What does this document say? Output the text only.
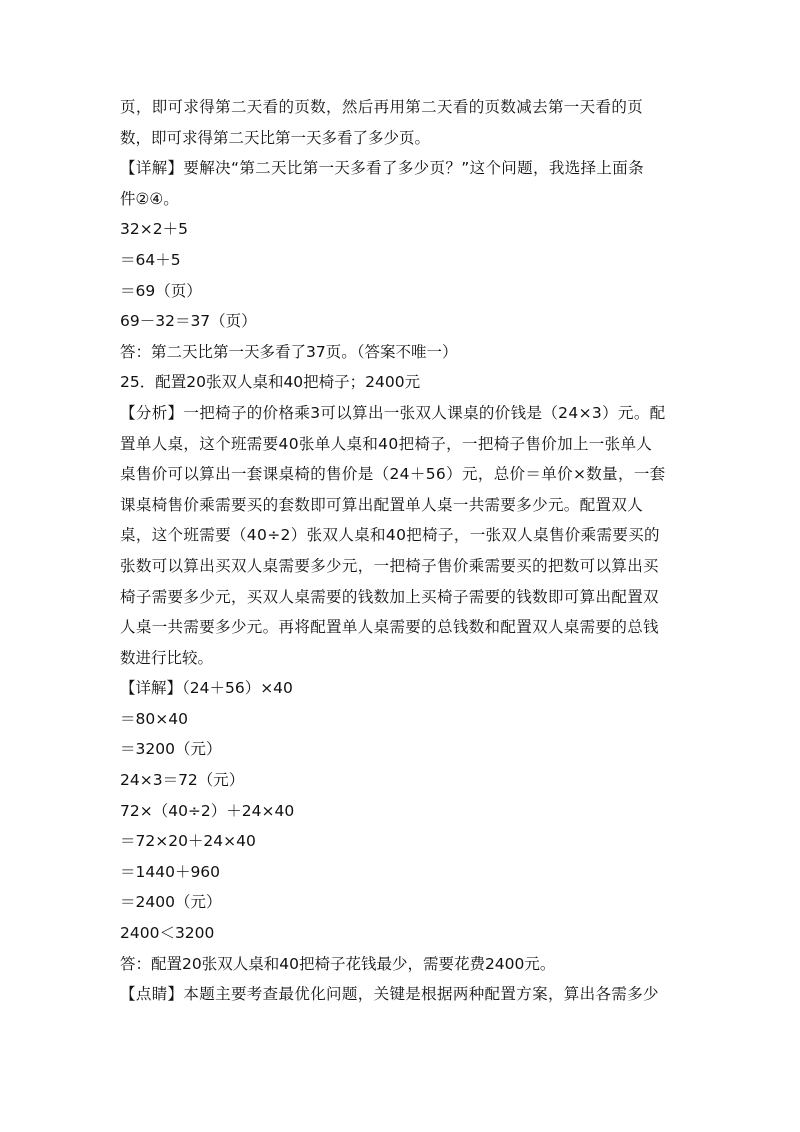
页，即可求得第二天看的页数，然后再用第二天看的页数减去第一天看的页
数，即可求得第二天比第一天多看了多少页。
【详解】要解决“第二天比第一天多看了多少页？”这个问题，我选择上面条
件②④。
32×2＋5
＝64＋5
＝69（页）
69－32＝37（页）
答：第二天比第一天多看了37页。（答案不唯一）
25．配置20张双人桌和40把椅子；2400元
【分析】一把椅子的价格乘3可以算出一张双人课桌的价钱是（24×3）元。配
置单人桌，这个班需要40张单人桌和40把椅子，一把椅子售价加上一张单人
桌售价可以算出一套课桌椅的售价是（24＋56）元，总价＝单价×数量，一套
课桌椅售价乘需要买的套数即可算出配置单人桌一共需要多少元。配置双人
桌，这个班需要（40÷2）张双人桌和40把椅子，一张双人桌售价乘需要买的
张数可以算出买双人桌需要多少元，一把椅子售价乘需要买的把数可以算出买
椅子需要多少元，买双人桌需要的钱数加上买椅子需要的钱数即可算出配置双
人桌一共需要多少元。再将配置单人桌需要的总钱数和配置双人桌需要的总钱
数进行比较。
【详解】（24＋56）×40
＝80×40
＝3200（元）
24×3＝72（元）
72×（40÷2）＋24×40
＝72×20＋24×40
＝1440＋960
＝2400（元）
2400＜3200
答：配置20张双人桌和40把椅子花钱最少，需要花费2400元。
【点睛】本题主要考查最优化问题，关键是根据两种配置方案，算出各需多少
